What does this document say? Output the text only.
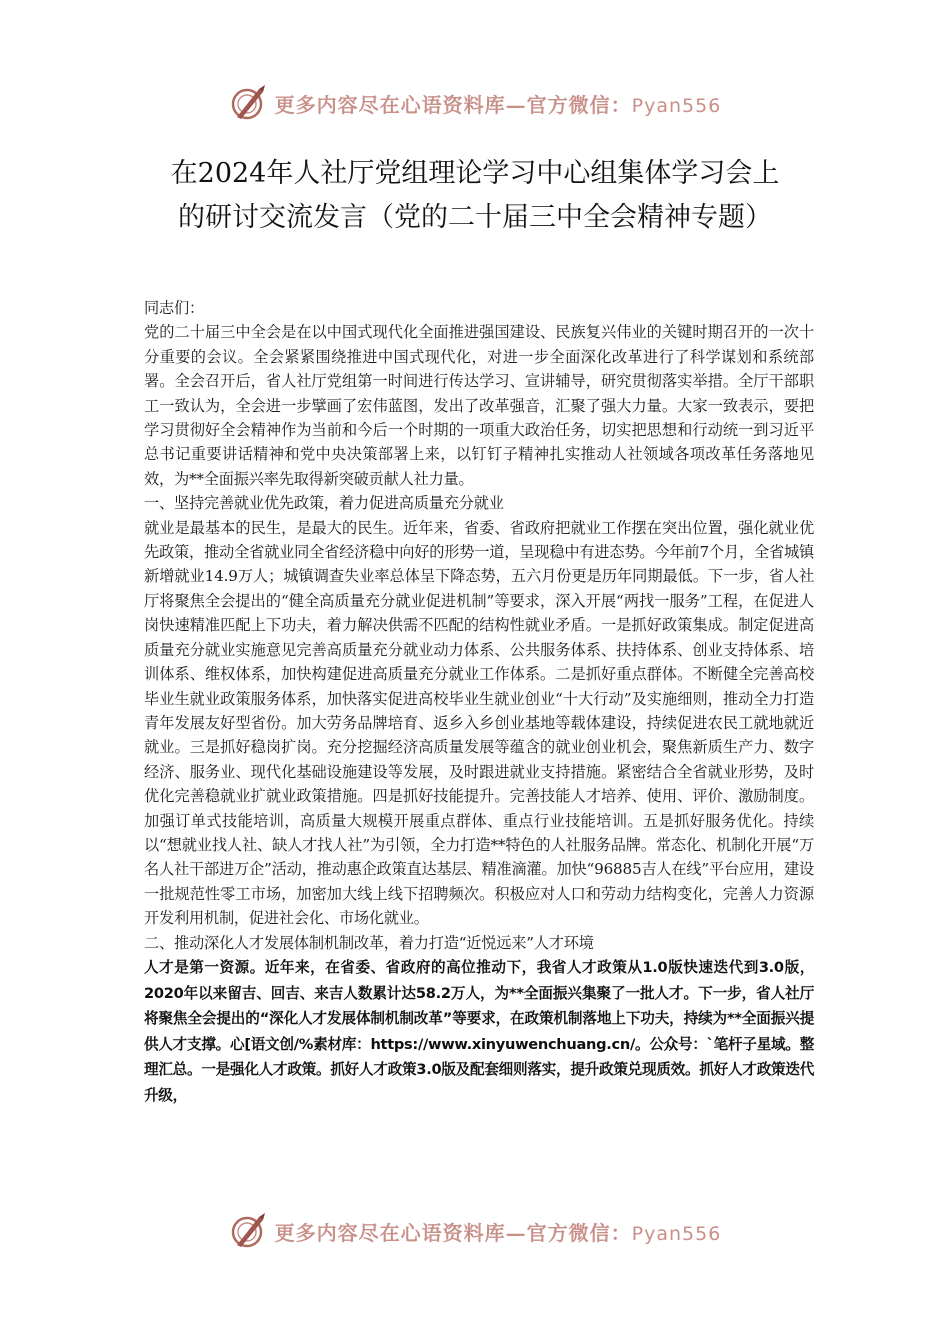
更多内容尽在心语资料库—官方微信：Pyan556
在2024年人社厅党组理论学习中心组集体学习会上
的研讨交流发言（党的二十届三中全会精神专题）

同志们：

党的二十届三中全会是在以中国式现代化全面推进强国建设、民族复兴伟业的关键时期召开的一次十分重要的会议。全会紧紧围绕推进中国式现代化，对进一步全面深化改革进行了科学谋划和系统部署。全会召开后，省人社厅党组第一时间进行传达学习、宣讲辅导，研究贯彻落实举措。全厅干部职工一致认为，全会进一步擘画了宏伟蓝图，发出了改革强音，汇聚了强大力量。大家一致表示，要把学习贯彻好全会精神作为当前和今后一个时期的一项重大政治任务，切实把思想和行动统一到习近平总书记重要讲话精神和党中央决策部署上来，以钉钉子精神扎实推动人社领域各项改革任务落地见效，为**全面振兴率先取得新突破贡献人社力量。

一、坚持完善就业优先政策，着力促进高质量充分就业

就业是最基本的民生，是最大的民生。近年来，省委、省政府把就业工作摆在突出位置，强化就业优先政策，推动全省就业同全省经济稳中向好的形势一道，呈现稳中有进态势。今年前7个月，全省城镇新增就业14.9万人；城镇调查失业率总体呈下降态势，五六月份更是历年同期最低。下一步，省人社厅将聚焦全会提出的“健全高质量充分就业促进机制”等要求，深入开展“两找一服务”工程，在促进人岗快速精准匹配上下功夫，着力解决供需不匹配的结构性就业矛盾。一是抓好政策集成。制定促进高质量充分就业实施意见完善高质量充分就业动力体系、公共服务体系、扶持体系、创业支持体系、培训体系、维权体系，加快构建促进高质量充分就业工作体系。二是抓好重点群体。不断健全完善高校毕业生就业政策服务体系，加快落实促进高校毕业生就业创业“十大行动”及实施细则，推动全力打造青年发展友好型省份。加大劳务品牌培育、返乡入乡创业基地等载体建设，持续促进农民工就地就近就业。三是抓好稳岗扩岗。充分挖掘经济高质量发展等蕴含的就业创业机会，聚焦新质生产力、数字经济、服务业、现代化基础设施建设等发展，及时跟进就业支持措施。紧密结合全省就业形势，及时优化完善稳就业扩就业政策措施。四是抓好技能提升。完善技能人才培养、使用、评价、激励制度。加强订单式技能培训，高质量大规模开展重点群体、重点行业技能培训。五是抓好服务优化。持续以“想就业找人社、缺人才找人社”为引领，全力打造**特色的人社服务品牌。常态化、机制化开展“万名人社干部进万企”活动，推动惠企政策直达基层、精准滴灌。加快“96885吉人在线”平台应用，建设一批规范性零工市场，加密加大线上线下招聘频次。积极应对人口和劳动力结构变化，完善人力资源开发利用机制，促进社会化、市场化就业。

二、推动深化人才发展体制机制改革，着力打造“近悦远来”人才环境

人才是第一资源。近年来，在省委、省政府的高位推动下，我省人才政策从1.0版快速迭代到3.0版，2020年以来留吉、回吉、来吉人数累计达58.2万人，为**全面振兴集聚了一批人才。下一步，省人社厅将聚焦全会提出的“深化人才发展体制机制改革”等要求，在政策机制落地上下功夫，持续为**全面振兴提供人才支撑。心[语文创/%素材库：https://www.xinyuwenchuang.cn/。公众号：`笔杆子星域。整理汇总。一是强化人才政策。抓好人才政策3.0版及配套细则落实，提升政策兑现质效。抓好人才政策迭代升级，

更多内容尽在心语资料库—官方微信：Pyan556
